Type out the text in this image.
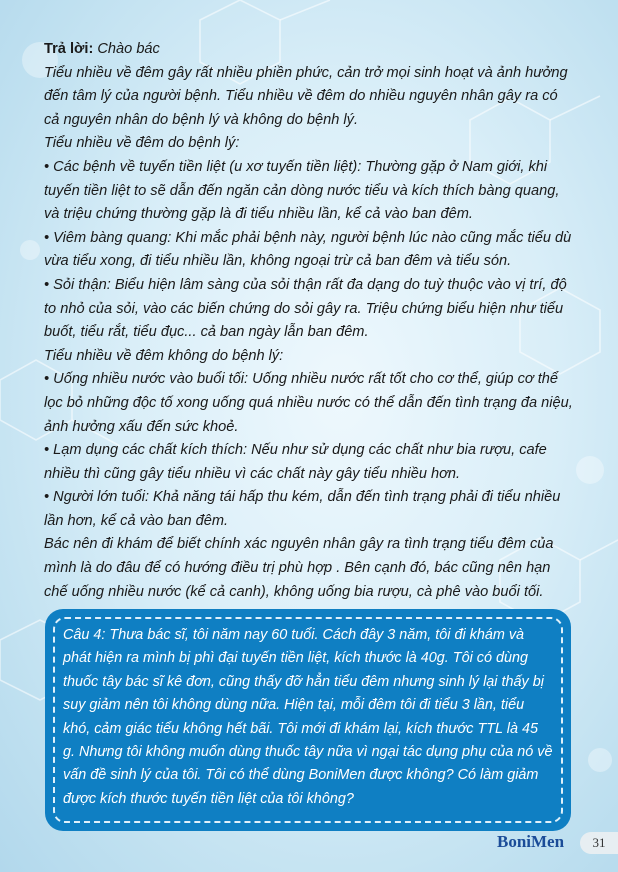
Trả lời: Chào bác

Tiểu nhiều về đêm gây rất nhiều phiền phức, cản trở mọi sinh hoạt và ảnh hưởng đến tâm lý của người bệnh. Tiểu nhiều về đêm do nhiều nguyên nhân gây ra có cả nguyên nhân do bệnh lý và không do bệnh lý.

Tiểu nhiều về đêm do bệnh lý:

• Các bệnh về tuyến tiền liệt (u xơ tuyến tiền liệt): Thường gặp ở Nam giới, khi tuyến tiền liệt to sẽ dẫn đến ngăn cản dòng nước tiểu và kích thích bàng quang, và triệu chứng thường gặp là đi tiểu nhiều lần, kể cả vào ban đêm.

• Viêm bàng quang: Khi mắc phải bệnh này, người bệnh lúc nào cũng mắc tiểu dù vừa tiểu xong, đi tiểu nhiều lần, không ngoại trừ cả ban đêm và tiểu són.

• Sỏi thận: Biểu hiện lâm sàng của sỏi thận rất đa dạng do tuỳ thuộc vào vị trí, độ to nhỏ của sỏi, vào các biến chứng do sỏi gây ra. Triệu chứng biểu hiện như tiểu buốt, tiểu rắt, tiểu đục... cả ban ngày lẫn ban đêm.

Tiểu nhiều về đêm không do bệnh lý:

• Uống nhiều nước vào buổi tối: Uống nhiều nước rất tốt cho cơ thể, giúp cơ thể lọc bỏ những độc tố xong uống quá nhiều nước có thể dẫn đến tình trạng đa niệu, ảnh hưởng xấu đến sức khoẻ.

• Lạm dụng các chất kích thích: Nếu như sử dụng các chất như bia rượu, cafe nhiều thì cũng gây tiểu nhiều vì các chất này gây tiểu nhiều hơn.

• Người lớn tuổi: Khả năng tái hấp thu kém, dẫn đến tình trạng phải đi tiểu nhiều lần hơn, kể cả vào ban đêm.

Bác nên đi khám để biết chính xác nguyên nhân gây ra tình trạng tiểu đêm của mình là do đâu để có hướng điều trị phù hợp . Bên cạnh đó, bác cũng nên hạn chế uống nhiều nước (kể cả canh), không uống bia rượu, cà phê vào buổi tối.

Câu 4: Thưa bác sĩ, tôi năm nay 60 tuổi. Cách đây 3 năm, tôi đi khám và phát hiện ra mình bị phì đại tuyến tiền liệt, kích thước là 40g. Tôi có dùng thuốc tây bác sĩ kê đơn, cũng thấy đỡ hẳn tiểu đêm nhưng sinh lý lại thấy bị suy giảm nên tôi không dùng nữa. Hiện tại, mỗi đêm tôi đi tiểu 3 lần, tiểu khó, cảm giác tiểu không hết bãi. Tôi mới đi khám lại, kích thước TTL là 45 g. Nhưng tôi không muốn dùng thuốc tây nữa vì ngại tác dụng phụ của nó về vấn đề sinh lý của tôi. Tôi có thể dùng BoniMen được không? Có làm giảm được kích thước tuyến tiền liệt của tôi không?
BoniMen	31
